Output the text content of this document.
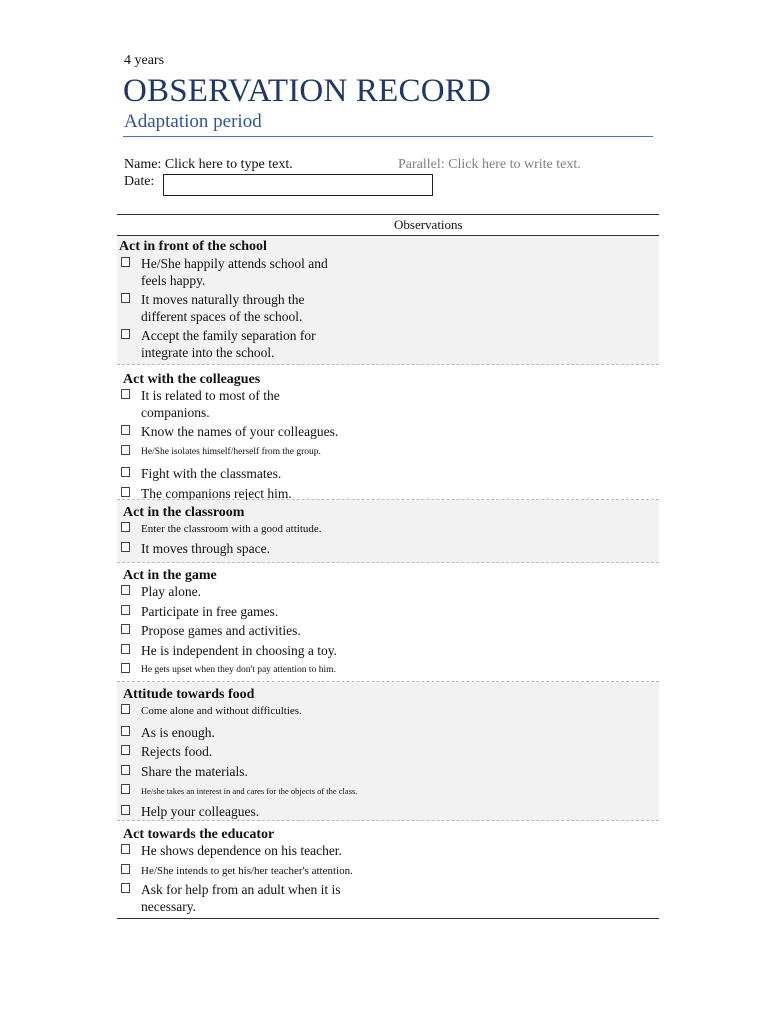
4 years
OBSERVATION RECORD
Adaptation period
Name: Click here to type text.	Parallel: Click here to write text.
Date:
Observations
Act in front of the school
He/She happily attends school and feels happy.
It moves naturally through the different spaces of the school.
Accept the family separation for integrate into the school.
Act with the colleagues
It is related to most of the companions.
Know the names of your colleagues.
He/She isolates himself/herself from the group.
Fight with the classmates.
The companions reject him.
Act in the classroom
Enter the classroom with a good attitude.
It moves through space.
Act in the game
Play alone.
Participate in free games.
Propose games and activities.
He is independent in choosing a toy.
He gets upset when they don't pay attention to him.
Attitude towards food
Come alone and without difficulties.
As is enough.
Rejects food.
Share the materials.
He/she takes an interest in and cares for the objects of the class.
Help your colleagues.
Act towards the educator
He shows dependence on his teacher.
He/She intends to get his/her teacher's attention.
Ask for help from an adult when it is necessary.
